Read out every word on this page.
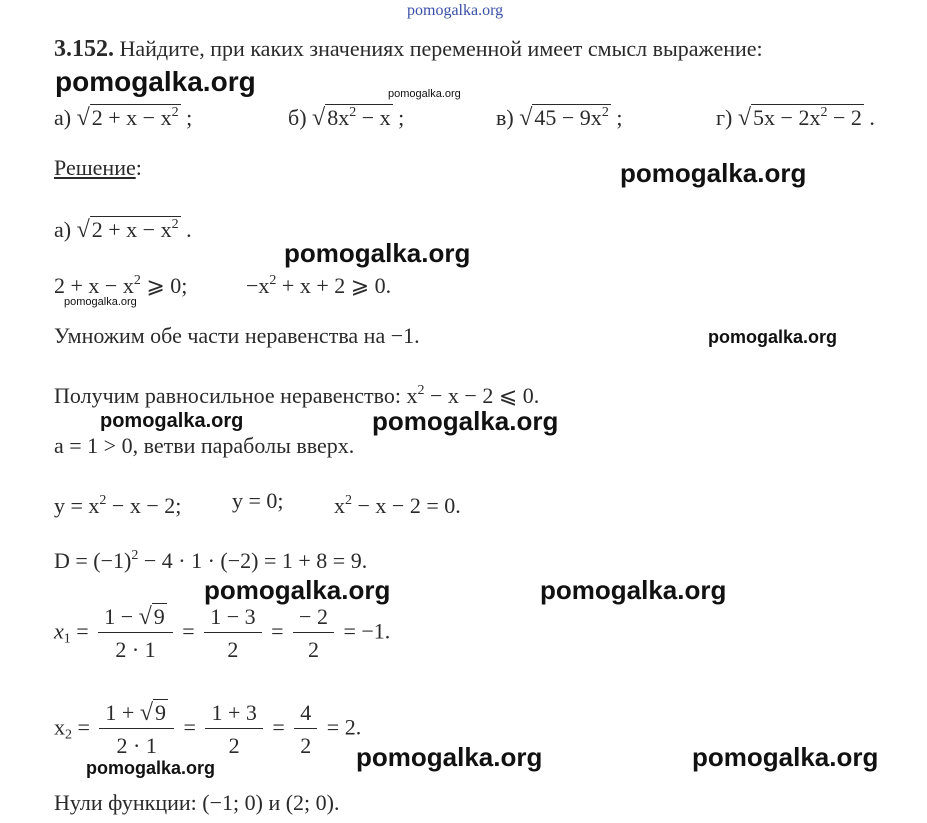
pomogalka.org
3.152. Найдите, при каких значениях переменной имеет смысл выражение:
pomogalka.org	pomogalka.org
а) $√2 + x - x^2$ ;	б) $√8x^2 - x$ ;	в) $√45 - 9x^2$ ;	г) $√5x - 2x^2 - 2$ .
Решение:	pomogalka.org
а) $√2 + x - x^2$ .
pomogalka.org
$2 + x - x^2$ ⩾ 0;	$-x^2 + x + 2$ ⩾ 0.
pomogalka.org
Умножим обе части неравенства на −1.	pomogalka.org
Получим равносильное неравенство: $x^2 - x - 2$ ⩽ 0.
pomogalka.org	pomogalka.org
a = 1 > 0, ветви параболы вверх.
$y = x^2 - x - 2$; y = 0; $x^2 - x - 2 = 0$.
$D = (-1)^2 - 4 \cdot 1 \cdot (-2) = 1 + 8 = 9$.
pomogalka.org	pomogalka.org
$x_1 = \frac{1 - √9}{2 \cdot 1} = \frac{1 - 3}{2} = \frac{- 2}{2} = -1$.
$x_2 = \frac{1 + √9}{2 \cdot 1} = \frac{1 + 3}{2} = \frac{4}{2} = 2$.
pomogalka.org	pomogalka.org	pomogalka.org
Нули функции: (−1; 0) и (2; 0).
